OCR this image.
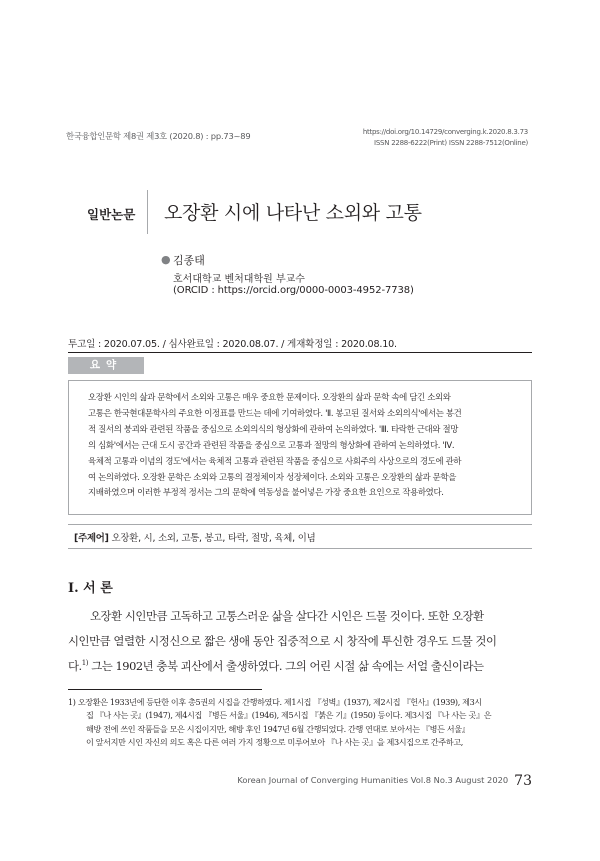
한국융합인문학 제8권 제3호 (2020.8) : pp.73~89	https://doi.org/10.14729/converging.k.2020.8.3.73
ISSN 2288-6222(Print) ISSN 2288-7512(Online)
일반논문 오장환 시에 나타난 소외와 고통
● 김종태
호서대학교 벤처대학원 부교수
(ORCID : https://orcid.org/0000-0003-4952-7738)
투고일 : 2020.07.05. / 심사완료일 : 2020.08.07. / 게재확정일 : 2020.08.10.
요약
오장환 시인의 삶과 문학에서 소외와 고통은 매우 중요한 문제이다. 오장환의 삶과 문학 속에 담긴 소외와
고통은 한국현대문학사의 주요한 이정표를 만드는 데에 기여하였다. 'Ⅱ. 봉고된 질서와 소외의식'에서는 봉건
적 질서의 붕괴와 관련된 작품을 중심으로 소외의식의 형상화에 관하여 논의하였다. 'Ⅲ. 타락한 근대와 절망
의 심화'에서는 근대 도시 공간과 관련된 작품을 중심으로 고통과 절망의 형상화에 관하여 논의하였다. 'Ⅳ.
육체적 고통과 이념의 경도'에서는 육체적 고통과 관련된 작품을 중심으로 사회주의 사상으로의 경도에 관하
여 논의하였다. 오장환 문학은 소외와 고통의 결정체이자 성장체이다. 소외와 고통은 오장환의 삶과 문학을
지배하였으며 이러한 부정적 정서는 그의 문학에 역동성을 불어넣은 가장 중요한 요인으로 작용하였다.
[주제어] 오장환, 시, 소외, 고통, 봉고, 타락, 절망, 육체, 이념
I. 서 론
오장환 시인만큼 고독하고 고통스러운 삶을 살다간 시인은 드물 것이다. 또한 오장환
시인만큼 열렬한 시정신으로 짧은 생애 동안 집중적으로 시 창작에 투신한 경우도 드물 것이
다.$^{1)}$ 그는 1902년 충북 괴산에서 출생하였다. 그의 어린 시절 삶 속에는 서얼 출신이라는
1) 오장환은 1933년에 등단한 이후 총5권의 시집을 간행하였다. 제1시집 『성벽』(1937), 제2시집 『헌사』(1939), 제3시
집 『나 사는 곳』(1947), 제4시집 『병든 서울』(1946), 제5시집 『붉은 기』(1950) 등이다. 제3시집 『나 사는 곳』은
해방 전에 쓰인 작품들을 모은 시집이지만, 해방 후인 1947년 6월 간행되었다. 간행 연대로 보아서는 『병든 서울』
이 앞서지만 시인 자신의 의도 혹은 다른 여러 가지 정황으로 미루어보아 『나 사는 곳』을 제3시집으로 간주하고,
Korean Journal of Converging Humanities Vol.8 No.3 August 2020 73
